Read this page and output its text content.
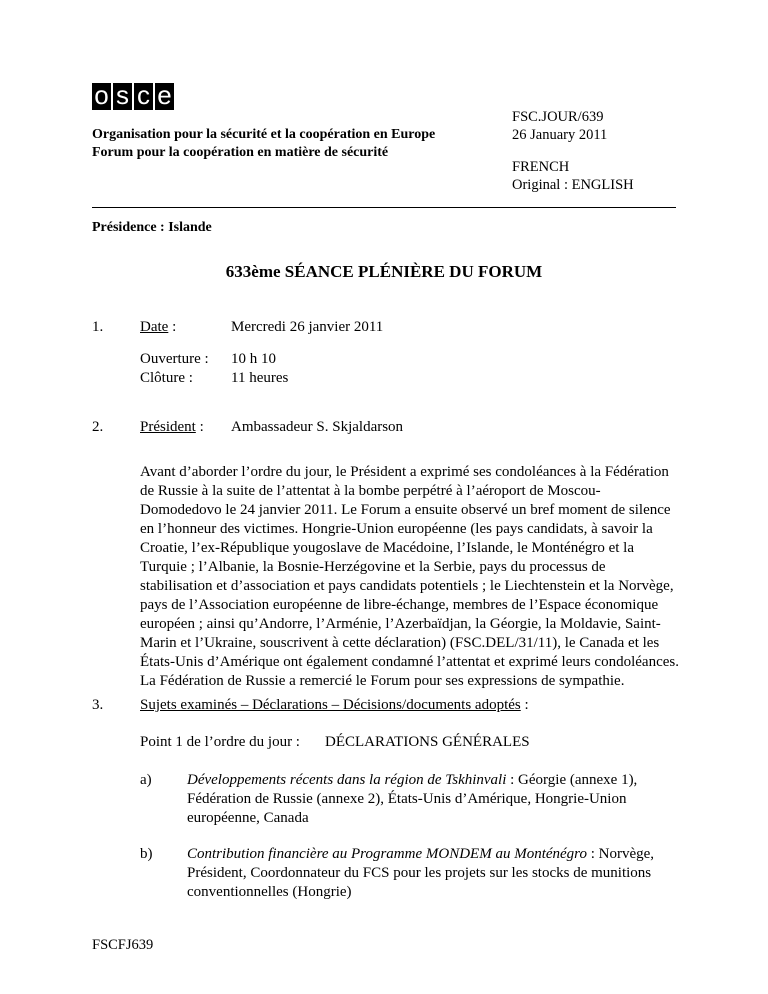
o s c e
Organisation pour la sécurité et la coopération en Europe
Forum pour la coopération en matière de sécurité
FSC.JOUR/639
26 January 2011
FRENCH
Original : ENGLISH
Présidence : Islande
633ème SÉANCE PLÉNIÈRE DU FORUM
1. Date :	Mercredi 26 janvier 2011
Ouverture : 10 h 10
Clôture :	11 heures
2. Président : Ambassadeur S. Skjaldarson
Avant d’aborder l’ordre du jour, le Président a exprimé ses condoléances à la Fédération de Russie à la suite de l’attentat à la bombe perpétré à l’aéroport de Moscou-Domodedovo le 24 janvier 2011. Le Forum a ensuite observé un bref moment de silence en l’honneur des victimes. Hongrie-Union européenne (les pays candidats, à savoir la Croatie, l’ex-République yougoslave de Macédoine, l’Islande, le Monténégro et la Turquie ; l’Albanie, la Bosnie-Herzégovine et la Serbie, pays du processus de stabilisation et d’association et pays candidats potentiels ; le Liechtenstein et la Norvège, pays de l’Association européenne de libre-échange, membres de l’Espace économique européen ; ainsi qu’Andorre, l’Arménie, l’Azerbaïdjan, la Géorgie, la Moldavie, Saint-Marin et l’Ukraine, souscrivent à cette déclaration) (FSC.DEL/31/11), le Canada et les États-Unis d’Amérique ont également condamné l’attentat et exprimé leurs condoléances. La Fédération de Russie a remercié le Forum pour ses expressions de sympathie.
3. Sujets examinés – Déclarations – Décisions/documents adoptés :
Point 1 de l’ordre du jour : DÉCLARATIONS GÉNÉRALES
a) Développements récents dans la région de Tskhinvali : Géorgie (annexe 1), Fédération de Russie (annexe 2), États-Unis d’Amérique, Hongrie-Union européenne, Canada
b) Contribution financière au Programme MONDEM au Monténégro : Norvège, Président, Coordonnateur du FCS pour les projets sur les stocks de munitions conventionnelles (Hongrie)
FSCFJ639
